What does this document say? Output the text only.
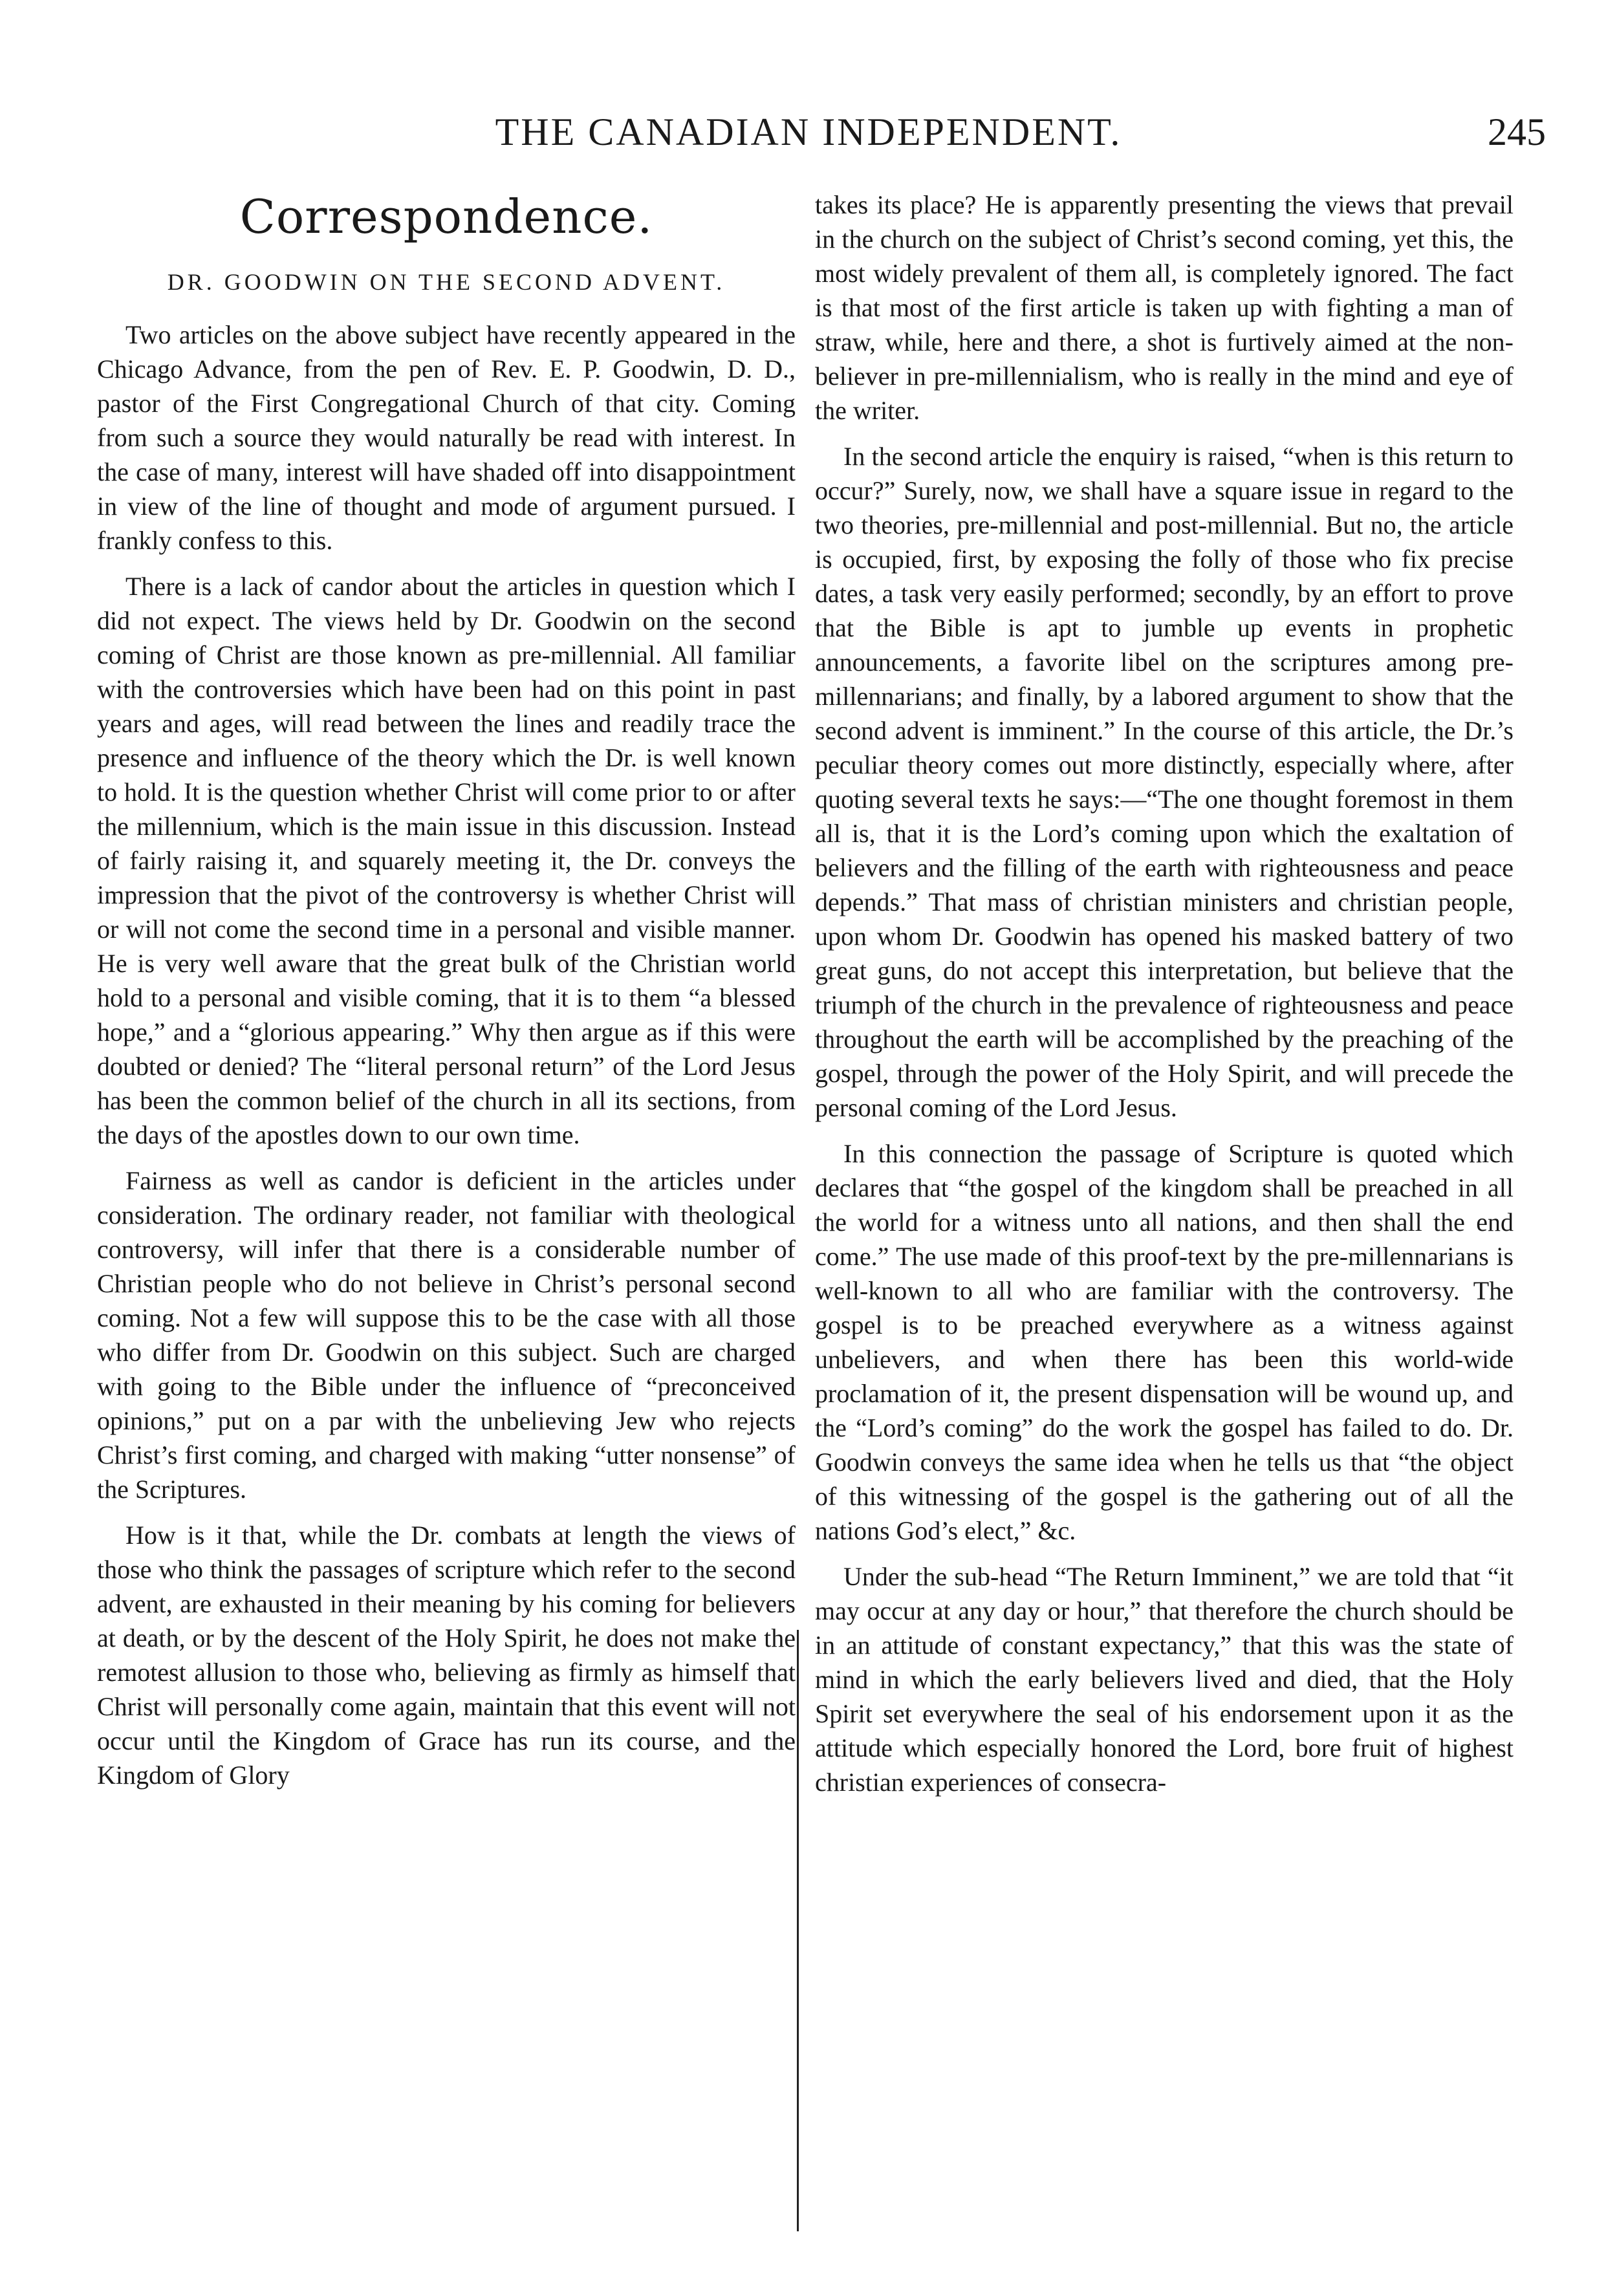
THE CANADIAN INDEPENDENT.	245
Correspondence.
DR. GOODWIN ON THE SECOND ADVENT.

Two articles on the above subject have recently appeared in the Chicago Advance, from the pen of Rev. E. P. Goodwin, D. D., pastor of the First Congregational Church of that city. Coming from such a source they would naturally be read with interest. In the case of many, interest will have shaded off into disappointment in view of the line of thought and mode of argument pursued. I frankly confess to this.

There is a lack of candor about the articles in question which I did not expect. The views held by Dr. Goodwin on the second coming of Christ are those known as pre-millennial. All familiar with the controversies which have been had on this point in past years and ages, will read between the lines and readily trace the presence and influence of the theory which the Dr. is well known to hold. It is the question whether Christ will come prior to or after the millennium, which is the main issue in this discussion. Instead of fairly raising it, and squarely meeting it, the Dr. conveys the impression that the pivot of the controversy is whether Christ will or will not come the second time in a personal and visible manner. He is very well aware that the great bulk of the Christian world hold to a personal and visible coming, that it is to them “a blessed hope,” and a “glorious appearing.” Why then argue as if this were doubted or denied? The “literal personal return” of the Lord Jesus has been the common belief of the church in all its sections, from the days of the apostles down to our own time.

Fairness as well as candor is deficient in the articles under consideration. The ordinary reader, not familiar with theological controversy, will infer that there is a considerable number of Christian people who do not believe in Christ’s personal second coming. Not a few will suppose this to be the case with all those who differ from Dr. Goodwin on this subject. Such are charged with going to the Bible under the influence of “preconceived opinions,” put on a par with the unbelieving Jew who rejects Christ’s first coming, and charged with making “utter nonsense” of the Scriptures.

How is it that, while the Dr. combats at length the views of those who think the passages of scripture which refer to the second advent, are exhausted in their meaning by his coming for believers at death, or by the descent of the Holy Spirit, he does not make the remotest allusion to those who, believing as firmly as himself that Christ will personally come again, maintain that this event will not occur until the Kingdom of Grace has run its course, and the Kingdom of Glory

takes its place? He is apparently presenting the views that prevail in the church on the subject of Christ’s second coming, yet this, the most widely prevalent of them all, is completely ignored. The fact is that most of the first article is taken up with fighting a man of straw, while, here and there, a shot is furtively aimed at the non-believer in pre-millennialism, who is really in the mind and eye of the writer.

In the second article the enquiry is raised, “when is this return to occur?” Surely, now, we shall have a square issue in regard to the two theories, pre-millennial and post-millennial. But no, the article is occupied, first, by exposing the folly of those who fix precise dates, a task very easily performed; secondly, by an effort to prove that the Bible is apt to jumble up events in prophetic announcements, a favorite libel on the scriptures among pre-millennarians; and finally, by a labored argument to show that the second advent is imminent.” In the course of this article, the Dr.’s peculiar theory comes out more distinctly, especially where, after quoting several texts he says:—“The one thought foremost in them all is, that it is the Lord’s coming upon which the exaltation of believers and the filling of the earth with righteousness and peace depends.” That mass of christian ministers and christian people, upon whom Dr. Goodwin has opened his masked battery of two great guns, do not accept this interpretation, but believe that the triumph of the church in the prevalence of righteousness and peace throughout the earth will be accomplished by the preaching of the gospel, through the power of the Holy Spirit, and will precede the personal coming of the Lord Jesus.

In this connection the passage of Scripture is quoted which declares that “the gospel of the kingdom shall be preached in all the world for a witness unto all nations, and then shall the end come.” The use made of this proof-text by the pre-millennarians is well-known to all who are familiar with the controversy. The gospel is to be preached everywhere as a witness against unbelievers, and when there has been this world-wide proclamation of it, the present dispensation will be wound up, and the “Lord’s coming” do the work the gospel has failed to do. Dr. Goodwin conveys the same idea when he tells us that “the object of this witnessing of the gospel is the gathering out of all the nations God’s elect,” &c.

Under the sub-head “The Return Imminent,” we are told that “it may occur at any day or hour,” that therefore the church should be in an attitude of constant expectancy,” that this was the state of mind in which the early believers lived and died, that the Holy Spirit set everywhere the seal of his endorsement upon it as the attitude which especially honored the Lord, bore fruit of highest christian experiences of consecra-
